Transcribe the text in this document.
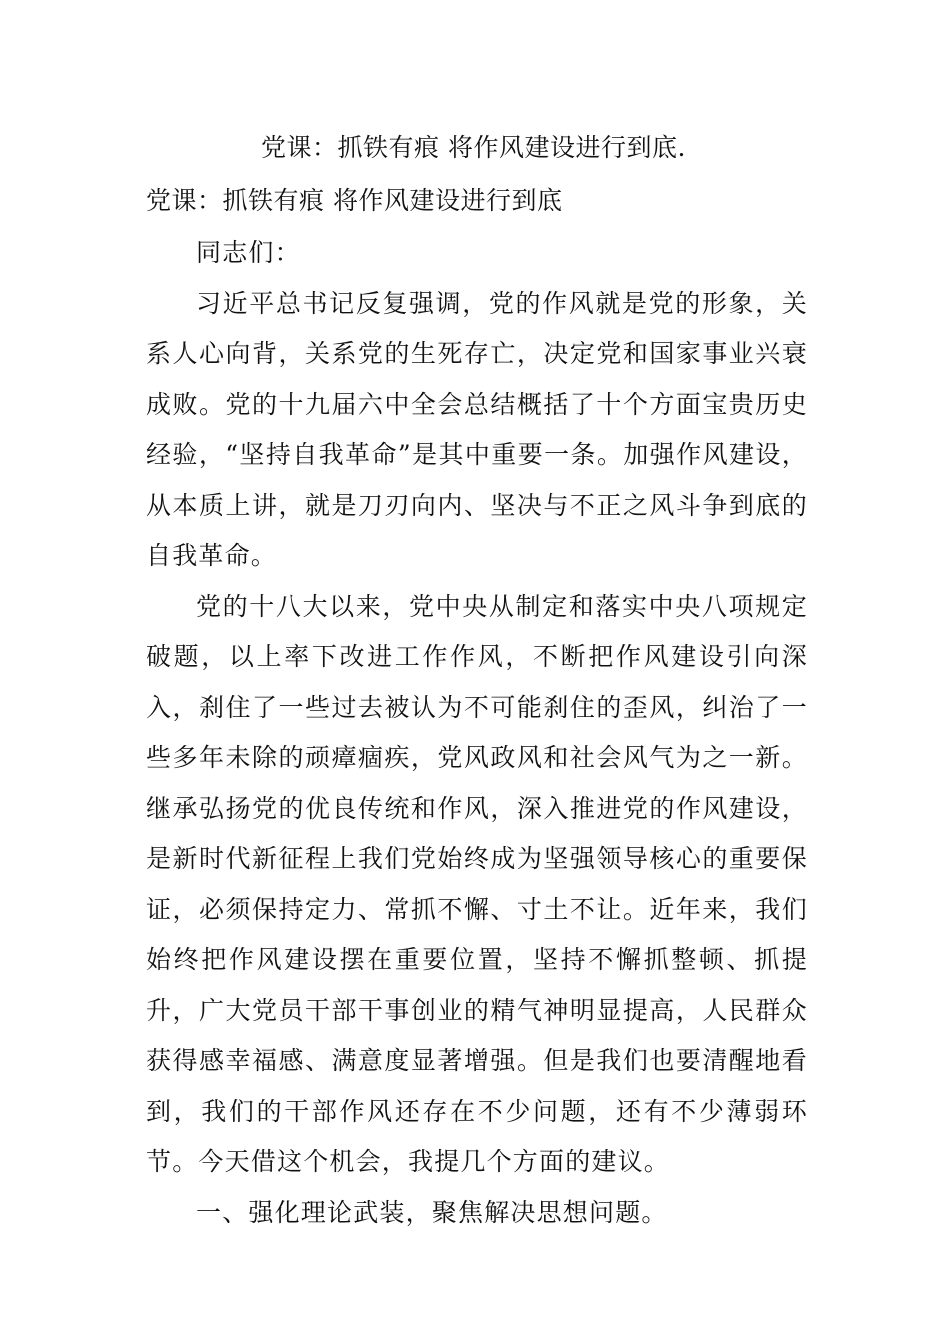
党课：抓铁有痕 将作风建设进行到底.
党课：抓铁有痕 将作风建设进行到底

同志们：

习近平总书记反复强调，党的作风就是党的形象，关系人心向背，关系党的生死存亡，决定党和国家事业兴衰成败。党的十九届六中全会总结概括了十个方面宝贵历史经验，“坚持自我革命”是其中重要一条。加强作风建设，从本质上讲，就是刀刃向内、坚决与不正之风斗争到底的自我革命。

党的十八大以来，党中央从制定和落实中央八项规定破题，以上率下改进工作作风，不断把作风建设引向深入，刹住了一些过去被认为不可能刹住的歪风，纠治了一些多年未除的顽瘴痼疾，党风政风和社会风气为之一新。继承弘扬党的优良传统和作风，深入推进党的作风建设，是新时代新征程上我们党始终成为坚强领导核心的重要保证，必须保持定力、常抓不懈、寸土不让。近年来，我们始终把作风建设摆在重要位置，坚持不懈抓整顿、抓提升，广大党员干部干事创业的精气神明显提高，人民群众获得感幸福感、满意度显著增强。但是我们也要清醒地看到，我们的干部作风还存在不少问题，还有不少薄弱环节。今天借这个机会，我提几个方面的建议。

一、强化理论武装，聚焦解决思想问题。
